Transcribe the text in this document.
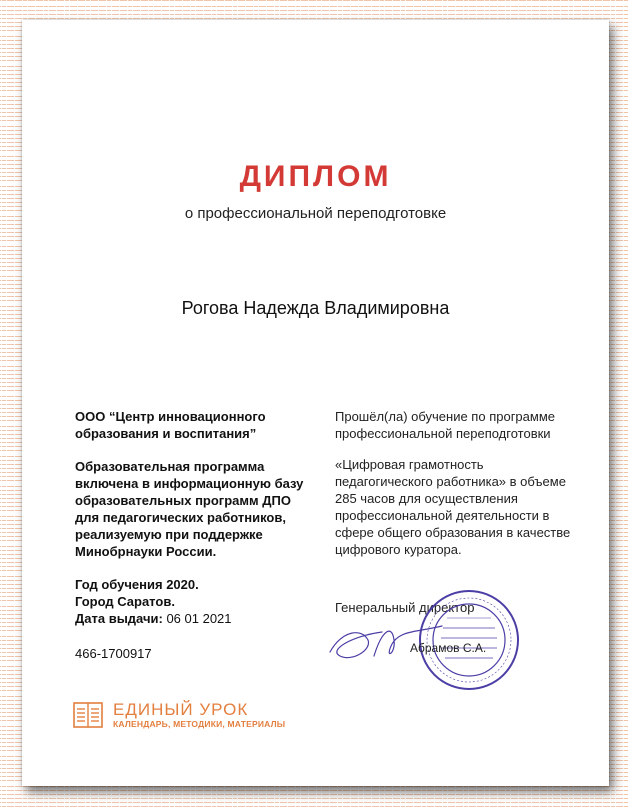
ДИПЛОМ
о профессиональной переподготовке
Рогова Надежда Владимировна
ООО “Центр инновационного образования и воспитания”
Образовательная программа включена в информационную базу образовательных программ ДПО для педагогических работников, реализуемую при поддержке Минобрнауки России.
Год обучения 2020.
Город Саратов.
Дата выдачи: 06 01 2021
466-1700917

Прошёл(ла) обучение по программе профессиональной переподготовки

«Цифровая грамотность педагогического работника» в объеме 285 часов для осуществления профессиональной деятельности в сфере общего образования в качестве цифрового куратора.

Генеральный директор
Абрамов С.А.
ЕДИНЫЙ УРОК
КАЛЕНДАРЬ, МЕТОДИКИ, МАТЕРИАЛЫ
